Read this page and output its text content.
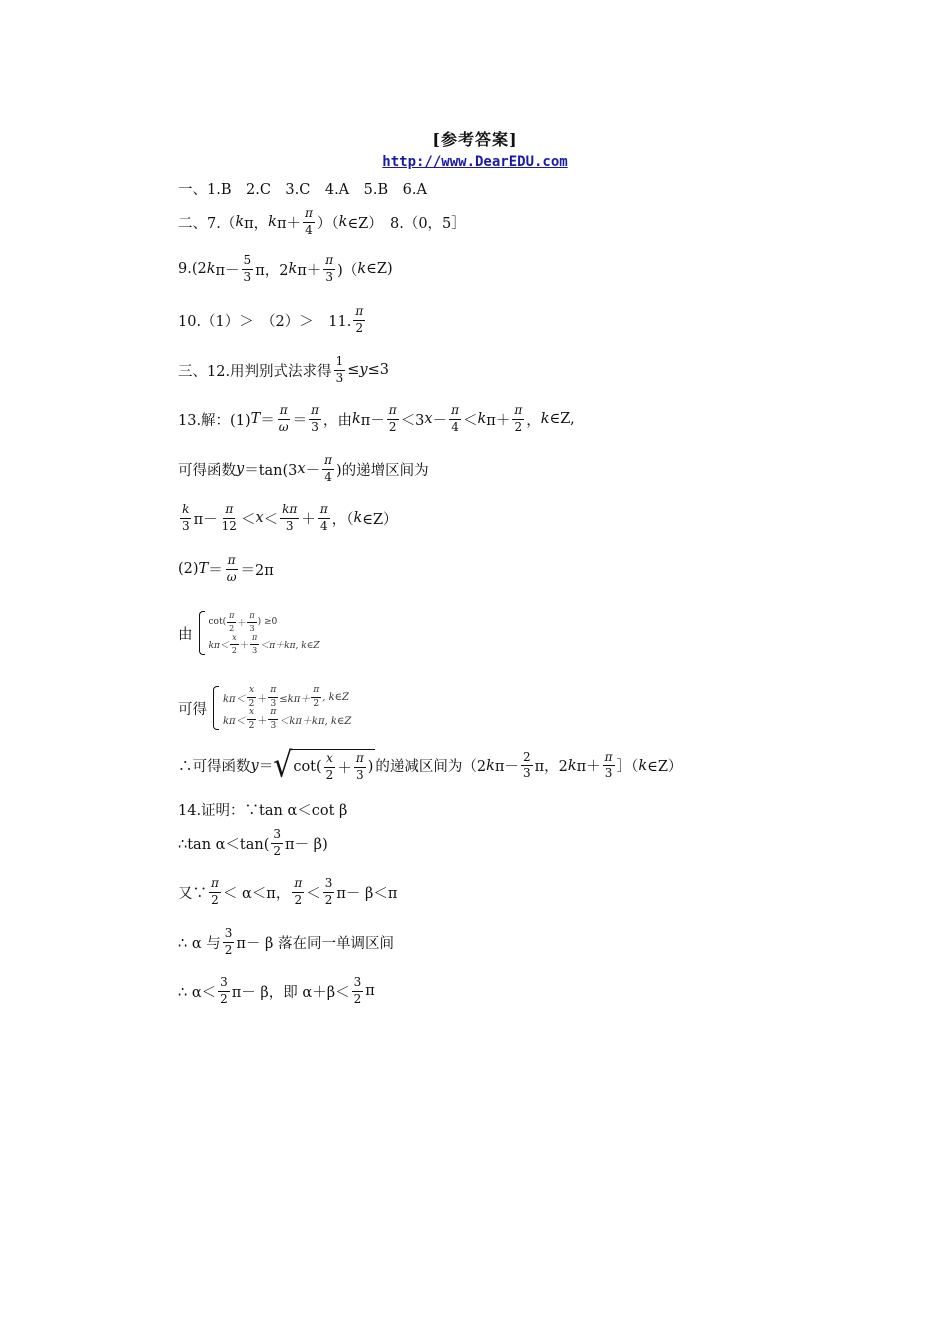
[参考答案]
http://www.DearEDU.com
一、1.B　2.C　3.C　4.A　5.B　6.A
二、7.（ k π， k $\pi+ \frac{\pi}{4}$ ）（ k ∈Z）　8.（0，5］
9.(2 k $\pi- \frac{5}{3}$ π，2 k $\pi+ \frac{\pi}{3}$ )（ k ∈Z)
10.（1）＞　（2）＞　11. $\frac{\pi}{2}$
三、12.用判别式法求得 $\frac{1}{3} \le y \le 3$
13.解：(1) $T = \frac{\pi}{\omega} = \frac{\pi}{3}$ ，由 k $\pi- \frac{\pi}{2} <3$ $x - \frac{\pi}{4} < k$ $\pi+ \frac{\pi}{2}$ ， k ∈Z,
可得函数 y ＝tan(3 $x - \frac{\pi}{4}$ )的递增区间为
$\frac{k}{3} \pi- \frac{\pi}{12} < x < \frac{k\pi}{3} + \frac{\pi}{4}$ ，（ k ∈Z）
(2) $T = \frac{\pi}{\omega} =2\pi$
由
$\cot( \frac{\pi}{2} + \frac{\pi}{3}$ ) ≥0
$k\pi< \frac{x}{2} + \frac{\pi}{3} <\pi+k\pi$, k∈Z
可得
$k\pi< \frac{x}{2} + \frac{\pi}{3} \le k\pi+ \frac{\pi}{2}$ , k∈Z
$k\pi< \frac{x}{2} + \frac{\pi}{3} <k\pi+k\pi$, k∈Z
∴可得函数 y ＝ √ $\cot( \frac{x}{2} + \frac{\pi}{3}$ ) 的递减区间为（2 k $\pi- \frac{2}{3}$ π，2 k $\pi+ \frac{\pi}{3}$ ］（ k ∈Z）
14.证明：∵tan α＜cot β
∴tan $\alpha<\tan( \frac{3}{2} \pi- \beta)$
又∵ $\frac{\pi}{2} < \alpha<\pi$， $\frac{\pi}{2} < \frac{3}{2} \pi- \beta<\pi$
∴ α 与 $\frac{3}{2} \pi- \beta$ 落在同一单调区间
∴ $\alpha< \frac{3}{2} \pi- \beta$，即 $\alpha+\beta< \frac{3}{2}$ π
